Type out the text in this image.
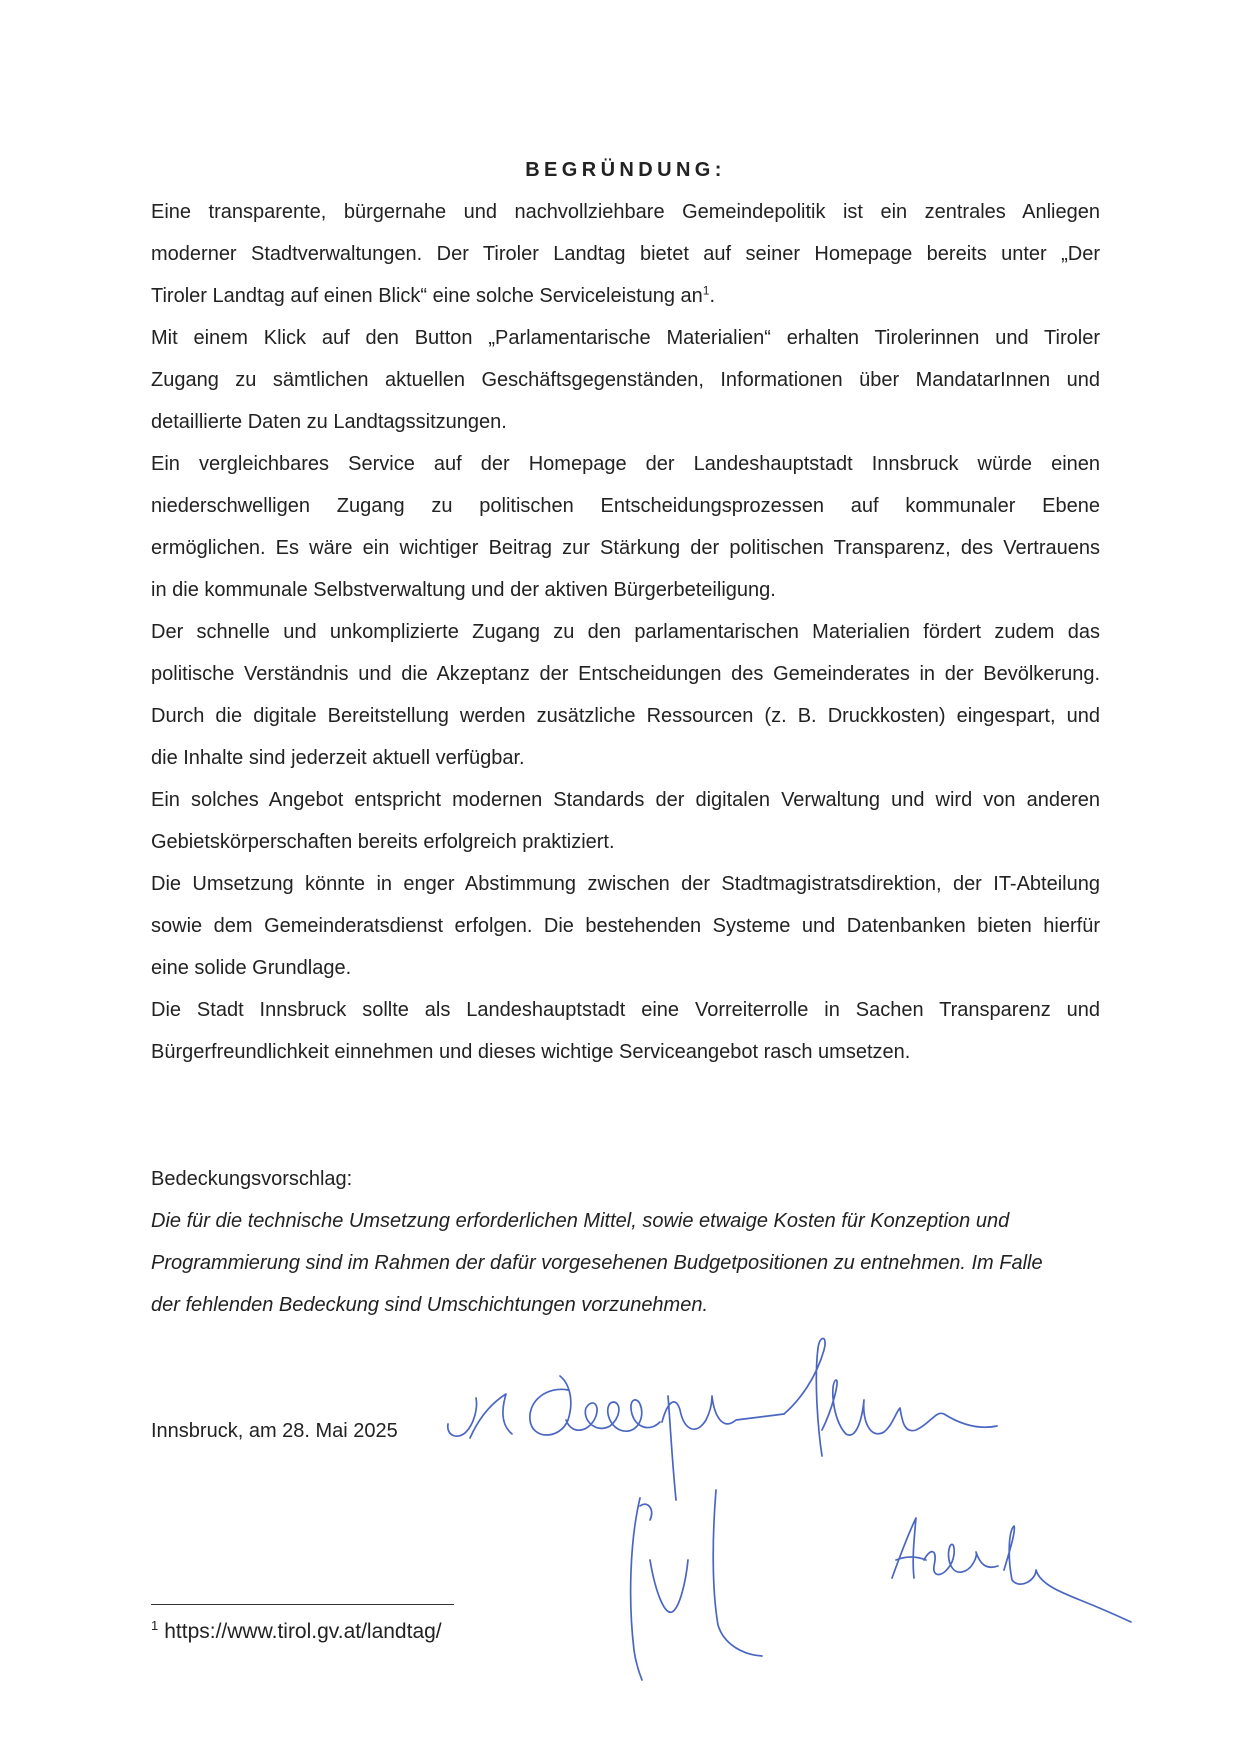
BEGRÜNDUNG:
Eine transparente, bürgernahe und nachvollziehbare Gemeindepolitik ist ein zentrales Anliegen
moderner Stadtverwaltungen. Der Tiroler Landtag bietet auf seiner Homepage bereits unter „Der
Tiroler Landtag auf einen Blick“ eine solche Serviceleistung $an^1$.
Mit einem Klick auf den Button „Parlamentarische Materialien“ erhalten Tirolerinnen und Tiroler
Zugang zu sämtlichen aktuellen Geschäftsgegenständen, Informationen über MandatarInnen und
detaillierte Daten zu Landtagssitzungen.
Ein vergleichbares Service auf der Homepage der Landeshauptstadt Innsbruck würde einen
niederschwelligen Zugang zu politischen Entscheidungsprozessen auf kommunaler Ebene
ermöglichen. Es wäre ein wichtiger Beitrag zur Stärkung der politischen Transparenz, des Vertrauens
in die kommunale Selbstverwaltung und der aktiven Bürgerbeteiligung.
Der schnelle und unkomplizierte Zugang zu den parlamentarischen Materialien fördert zudem das
politische Verständnis und die Akzeptanz der Entscheidungen des Gemeinderates in der Bevölkerung.
Durch die digitale Bereitstellung werden zusätzliche Ressourcen (z. B. Druckkosten) eingespart, und
die Inhalte sind jederzeit aktuell verfügbar.
Ein solches Angebot entspricht modernen Standards der digitalen Verwaltung und wird von anderen
Gebietskörperschaften bereits erfolgreich praktiziert.
Die Umsetzung könnte in enger Abstimmung zwischen der Stadtmagistratsdirektion, der IT-Abteilung
sowie dem Gemeinderatsdienst erfolgen. Die bestehenden Systeme und Datenbanken bieten hierfür
eine solide Grundlage.
Die Stadt Innsbruck sollte als Landeshauptstadt eine Vorreiterrolle in Sachen Transparenz und
Bürgerfreundlichkeit einnehmen und dieses wichtige Serviceangebot rasch umsetzen.
Bedeckungsvorschlag:
Die für die technische Umsetzung erforderlichen Mittel, sowie etwaige Kosten für Konzeption und
Programmierung sind im Rahmen der dafür vorgesehenen Budgetpositionen zu entnehmen. Im Falle
der fehlenden Bedeckung sind Umschichtungen vorzunehmen.
Innsbruck, am 28. Mai 2025
$^1$ https://www.tirol.gv.at/landtag/
